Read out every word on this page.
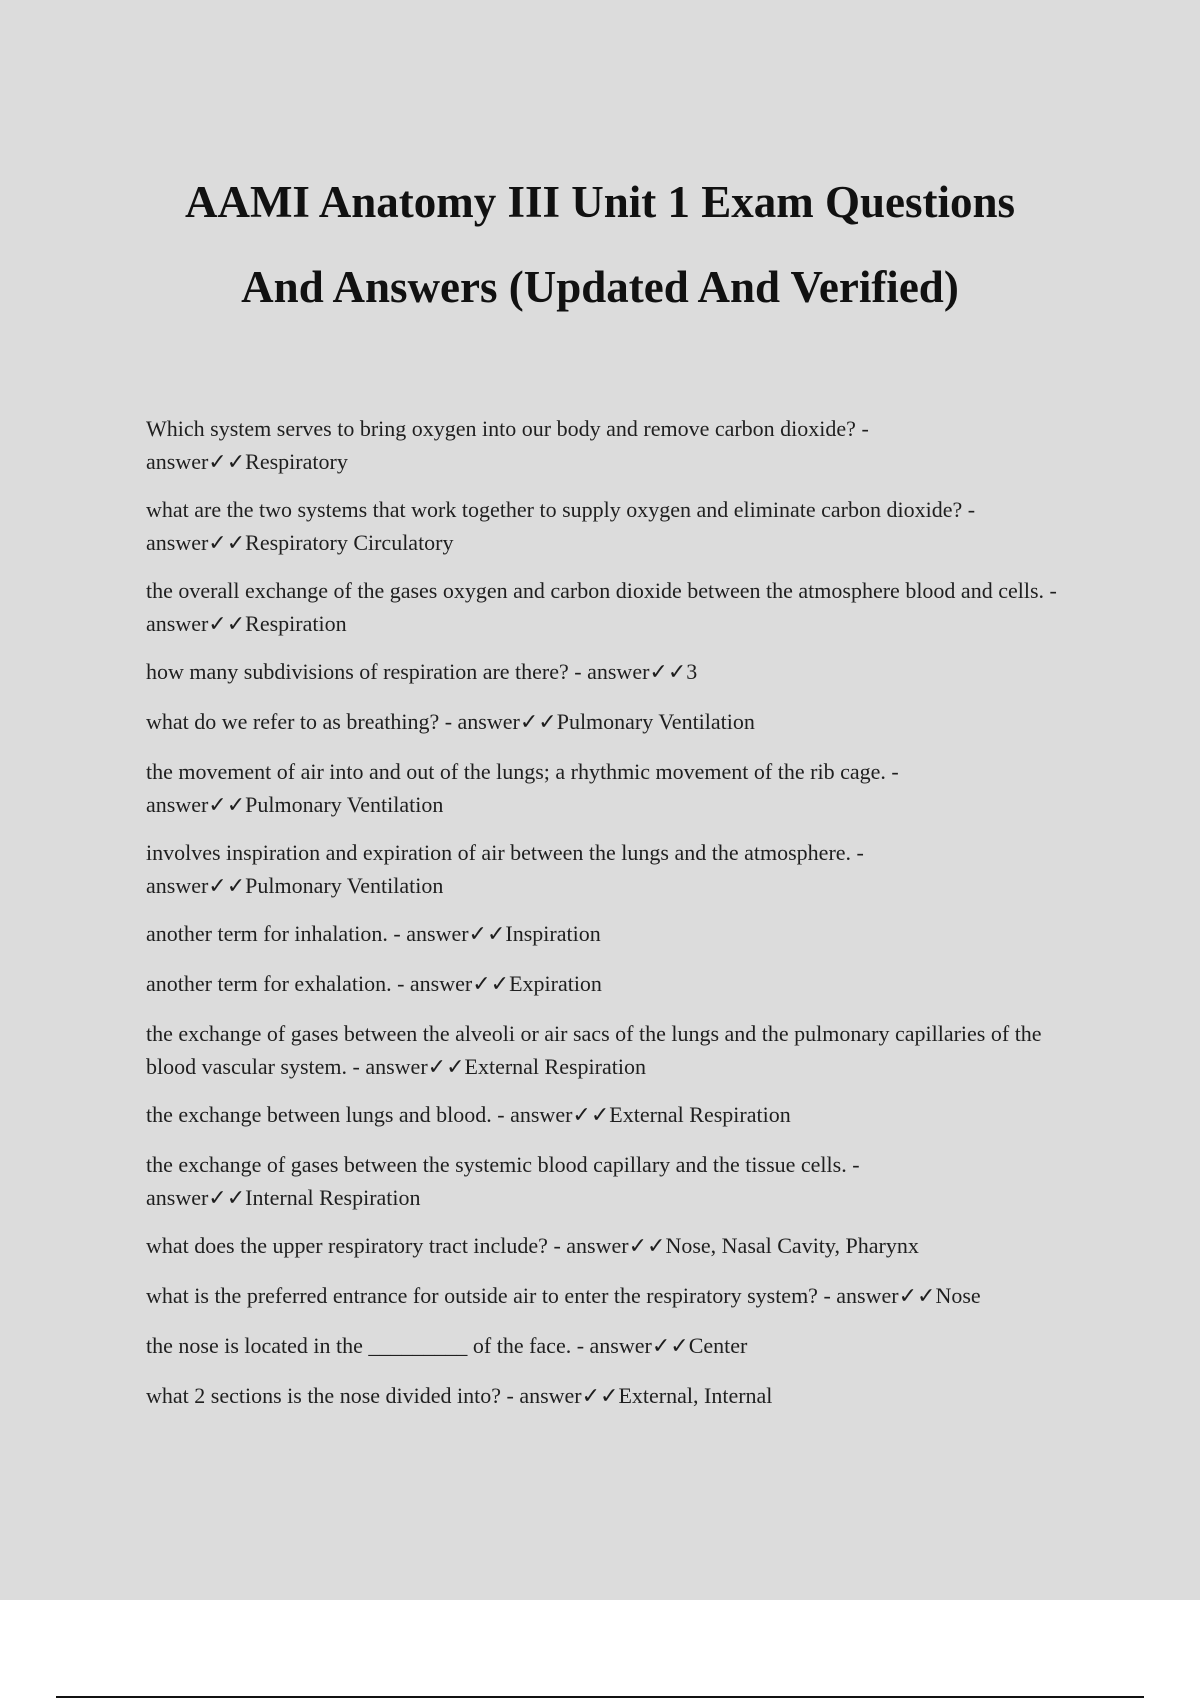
AAMI Anatomy III Unit 1 Exam Questions
And Answers (Updated And Verified)
Which system serves to bring oxygen into our body and remove carbon dioxide? - answer✓✓Respiratory
what are the two systems that work together to supply oxygen and eliminate carbon dioxide? - answer✓✓Respiratory Circulatory
the overall exchange of the gases oxygen and carbon dioxide between the atmosphere blood and cells. - answer✓✓Respiration
how many subdivisions of respiration are there? - answer✓✓3
what do we refer to as breathing? - answer✓✓Pulmonary Ventilation
the movement of air into and out of the lungs; a rhythmic movement of the rib cage. - answer✓✓Pulmonary Ventilation
involves inspiration and expiration of air between the lungs and the atmosphere. - answer✓✓Pulmonary Ventilation
another term for inhalation. - answer✓✓Inspiration
another term for exhalation. - answer✓✓Expiration
the exchange of gases between the alveoli or air sacs of the lungs and the pulmonary capillaries of the blood vascular system. - answer✓✓External Respiration
the exchange between lungs and blood. - answer✓✓External Respiration
the exchange of gases between the systemic blood capillary and the tissue cells. - answer✓✓Internal Respiration
what does the upper respiratory tract include? - answer✓✓Nose, Nasal Cavity, Pharynx
what is the preferred entrance for outside air to enter the respiratory system? - answer✓✓Nose
the nose is located in the _________ of the face. - answer✓✓Center
what 2 sections is the nose divided into? - answer✓✓External, Internal
